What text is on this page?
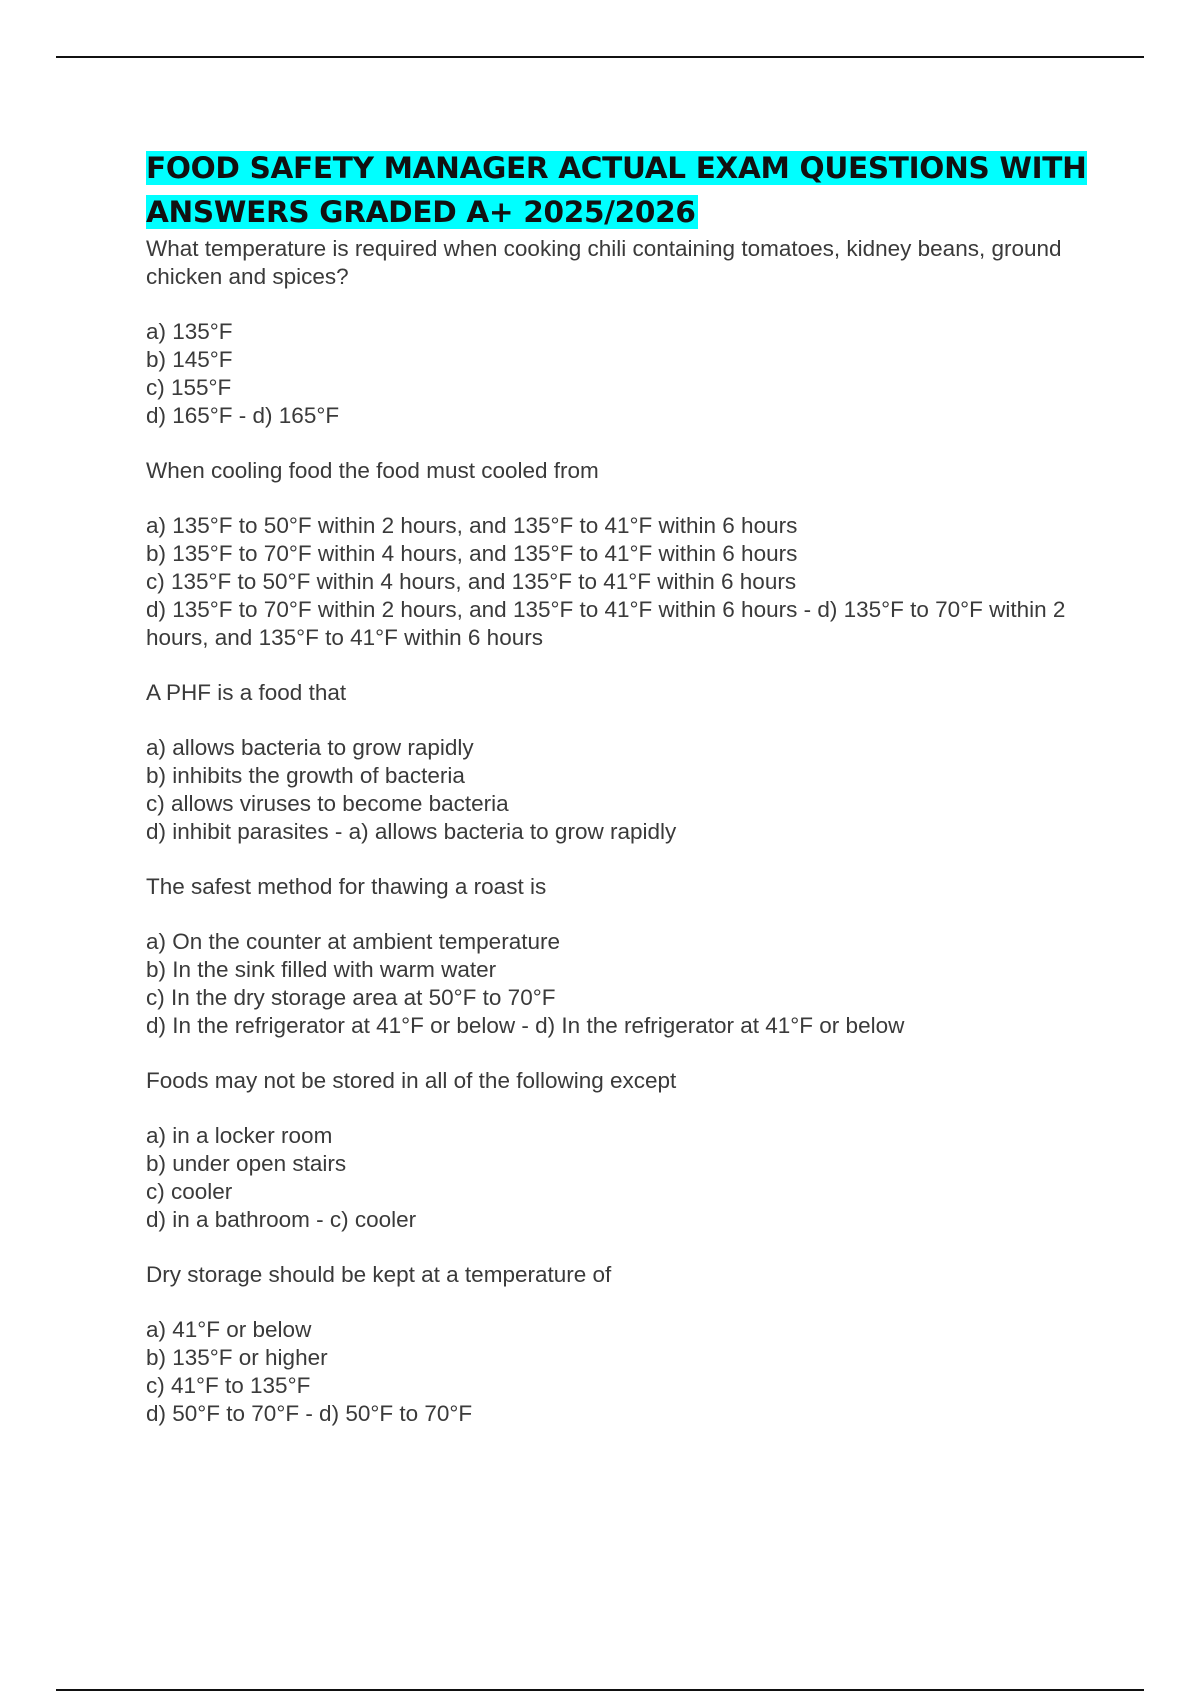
FOOD SAFETY MANAGER ACTUAL EXAM QUESTIONS WITH ANSWERS GRADED A+ 2025/2026

What temperature is required when cooking chili containing tomatoes, kidney beans, ground chicken and spices?

a) 135°F

b) 145°F

c) 155°F

d) 165°F - d) 165°F

When cooling food the food must cooled from

a) 135°F to 50°F within 2 hours, and 135°F to 41°F within 6 hours

b) 135°F to 70°F within 4 hours, and 135°F to 41°F within 6 hours

c) 135°F to 50°F within 4 hours, and 135°F to 41°F within 6 hours

d) 135°F to 70°F within 2 hours, and 135°F to 41°F within 6 hours - d) 135°F to 70°F within 2 hours, and 135°F to 41°F within 6 hours

A PHF is a food that

a) allows bacteria to grow rapidly

b) inhibits the growth of bacteria

c) allows viruses to become bacteria

d) inhibit parasites - a) allows bacteria to grow rapidly

The safest method for thawing a roast is

a) On the counter at ambient temperature

b) In the sink filled with warm water

c) In the dry storage area at 50°F to 70°F

d) In the refrigerator at 41°F or below - d) In the refrigerator at 41°F or below

Foods may not be stored in all of the following except

a) in a locker room

b) under open stairs

c) cooler

d) in a bathroom - c) cooler

Dry storage should be kept at a temperature of

a) 41°F or below

b) 135°F or higher

c) 41°F to 135°F

d) 50°F to 70°F - d) 50°F to 70°F
